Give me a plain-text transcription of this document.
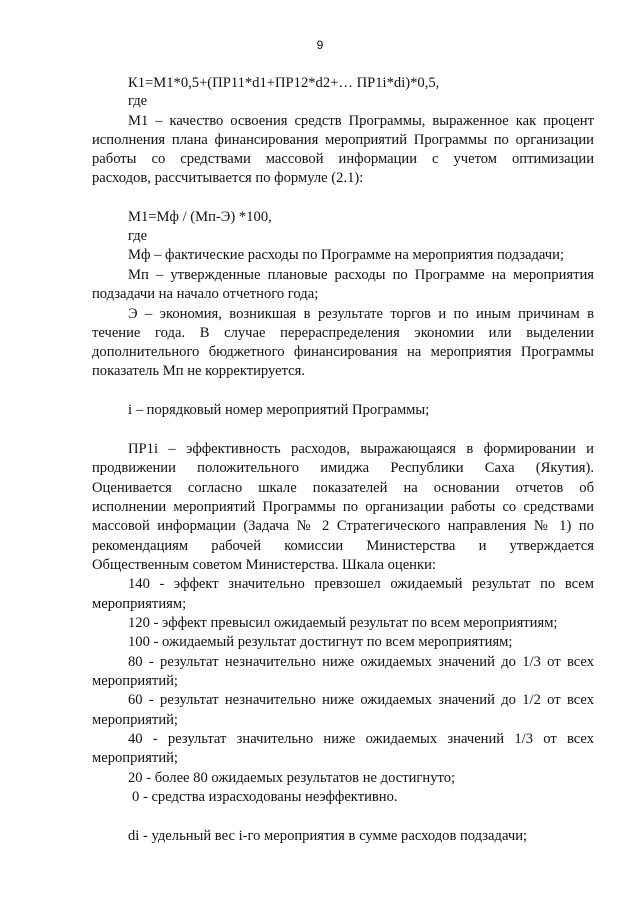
9
К1=М1*0,5+(ПР11*d1+ПР12*d2+… ПР1i*di)*0,5,
где
М1 – качество освоения средств Программы, выраженное как процент
исполнения плана финансирования мероприятий Программы по организации
работы со средствами массовой информации с учетом оптимизации
расходов, рассчитывается по формуле (2.1):
М1=Мф / (Мп-Э) *100,
где
Мф – фактические расходы по Программе на мероприятия подзадачи;
Мп – утвержденные плановые расходы по Программе на мероприятия
подзадачи на начало отчетного года;
Э – экономия, возникшая в результате торгов и по иным причинам в
течение года. В случае перераспределения экономии или выделении
дополнительного бюджетного финансирования на мероприятия Программы
показатель Мп не корректируется.
i – порядковый номер мероприятий Программы;
ПР1i – эффективность расходов, выражающаяся в формировании и
продвижении положительного имиджа Республики Саха (Якутия).
Оценивается согласно шкале показателей на основании отчетов об
исполнении мероприятий Программы по организации работы со средствами
массовой информации (Задача № 2 Стратегического направления № 1) по
рекомендациям рабочей комиссии Министерства и утверждается
Общественным советом Министерства. Шкала оценки:
140 - эффект значительно превзошел ожидаемый результат по всем
мероприятиям;
120 - эффект превысил ожидаемый результат по всем мероприятиям;
100 - ожидаемый результат достигнут по всем мероприятиям;
80 - результат незначительно ниже ожидаемых значений до 1/3 от всех
мероприятий;
60 - результат незначительно ниже ожидаемых значений до 1/2 от всех
мероприятий;
40 - результат значительно ниже ожидаемых значений 1/3 от всех
мероприятий;
20 - более 80 ожидаемых результатов не достигнуто;
0 - средства израсходованы неэффективно.
di - удельный вес i-го мероприятия в сумме расходов подзадачи;
